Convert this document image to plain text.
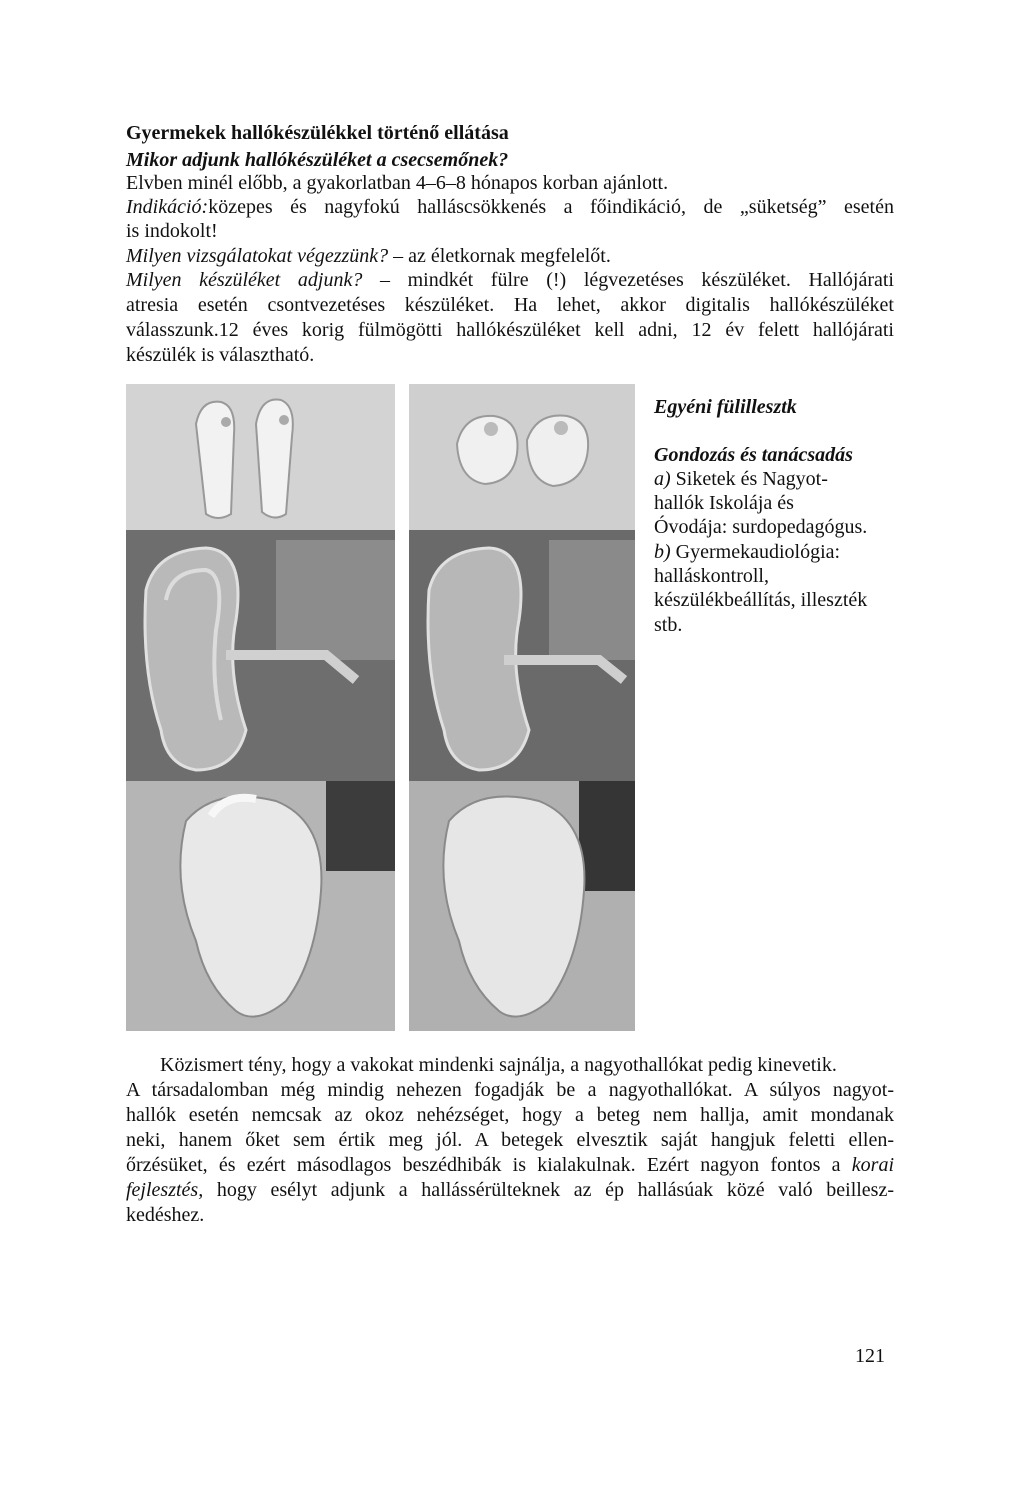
Gyermekek hallókészülékkel történő ellátása
Mikor adjunk hallókészüléket a csecsemőnek?
Elvben minél előbb, a gyakorlatban 4–6–8 hónapos korban ajánlott.
Indikáció:közepes és nagyfokú halláscsökkenés a főindikáció, de „süketség” esetén
is indokolt!
Milyen vizsgálatokat végezzünk? – az életkornak megfelelőt.
Milyen készüléket adjunk? – mindkét fülre (!) légvezetéses készüléket. Hallójárati
atresia esetén csontvezetéses készüléket. Ha lehet, akkor digitalis hallókészüléket
válasszunk.12 éves korig fülmögötti hallókészüléket kell adni, 12 év felett hallójárati
készülék is választható.
Egyéni fülillesztk
Gondozás és tanácsadás
a) Siketek és Nagyot-
hallók Iskolája és
Óvodája: surdopedagógus.
b) Gyermekaudiológia:
halláskontroll,
készülékbeállítás, illeszték
stb.
Közismert tény, hogy a vakokat mindenki sajnálja, a nagyothallókat pedig kinevetik.
A társadalomban még mindig nehezen fogadják be a nagyothallókat. A súlyos nagyot-
hallók esetén nemcsak az okoz nehézséget, hogy a beteg nem hallja, amit mondanak
neki, hanem őket sem értik meg jól. A betegek elvesztik saját hangjuk feletti ellen-
őrzésüket, és ezért másodlagos beszédhibák is kialakulnak. Ezért nagyon fontos a korai
fejlesztés, hogy esélyt adjunk a hallássérülteknek az ép hallásúak közé való beillesz-
kedéshez.
121
